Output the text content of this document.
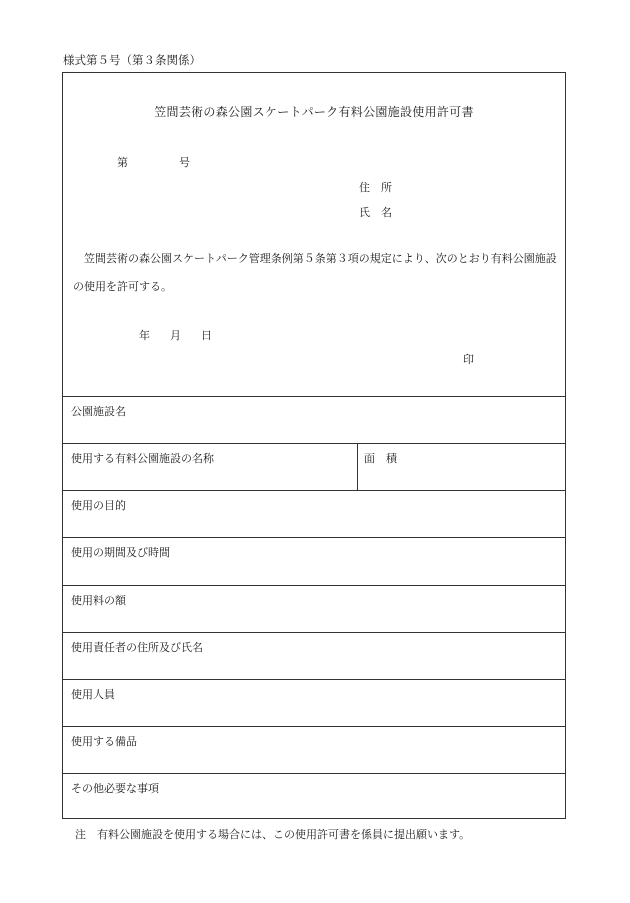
様式第５号（第３条関係）
笠間芸術の森公園スケートパーク有料公園施設使用許可書
第	号
住　所
氏　名
笠間芸術の森公園スケートパーク管理条例第５条第３項の規定により、次のとおり有料公園施設の使用を許可する。
年 月 日
印
公園施設名
使用する有料公園施設の名称	面　積
使用の目的
使用の期間及び時間
使用料の額
使用責任者の住所及び氏名
使用人員
使用する備品
その他必要な事項
注　有料公園施設を使用する場合には、この使用許可書を係員に提出願います。
